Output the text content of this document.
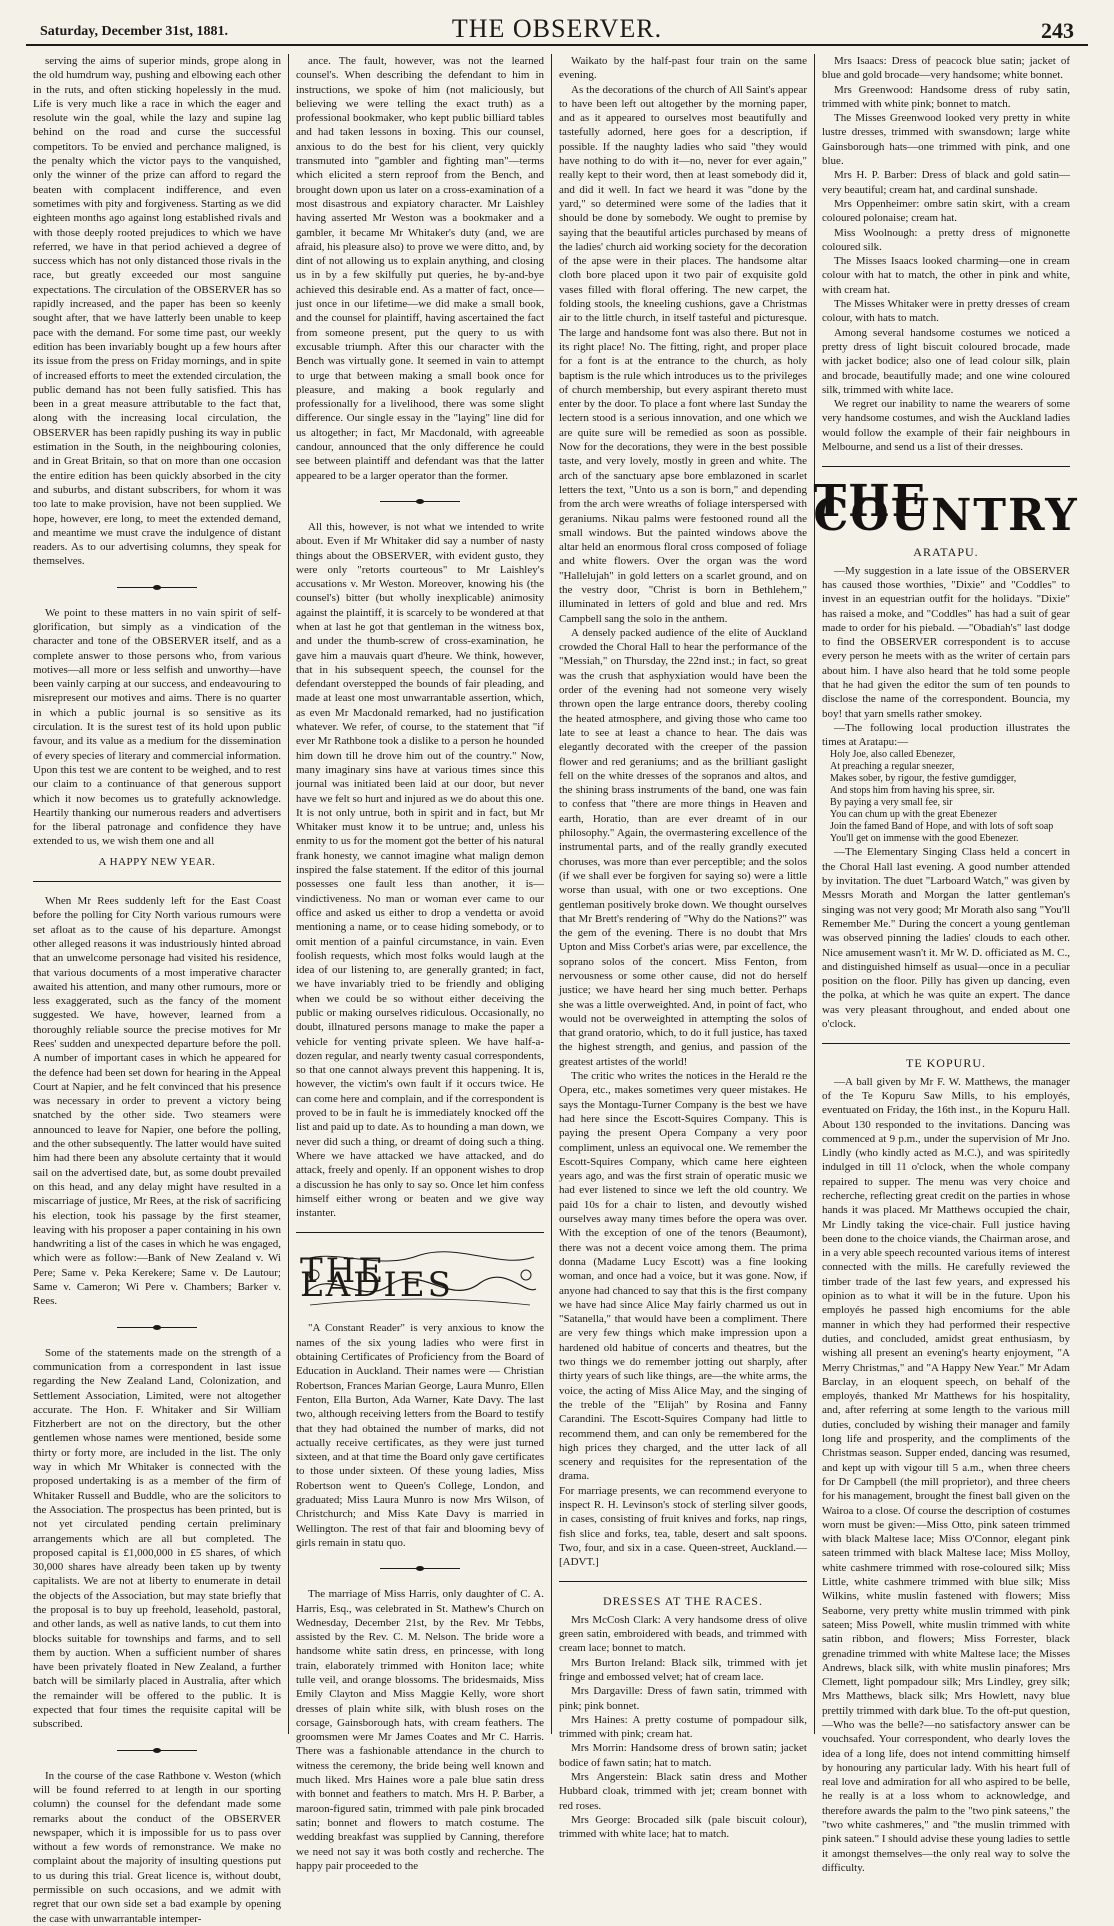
Saturday, December 31st, 1881.	THE OBSERVER.	243

serving the aims of superior minds, grope along in the old humdrum way, pushing and elbowing each other in the ruts, and often sticking hopelessly in the mud. Life is very much like a race in which the eager and resolute win the goal, while the lazy and supine lag behind on the road and curse the successful competitors. To be envied and perchance maligned, is the penalty which the victor pays to the vanquished, only the winner of the prize can afford to regard the beaten with complacent indifference, and even sometimes with pity and forgiveness. Starting as we did eighteen months ago against long established rivals and with those deeply rooted prejudices to which we have referred, we have in that period achieved a degree of success which has not only distanced those rivals in the race, but greatly exceeded our most sanguine expectations. The circulation of the OBSERVER has so rapidly increased, and the paper has been so keenly sought after, that we have latterly been unable to keep pace with the demand. For some time past, our weekly edition has been invariably bought up a few hours after its issue from the press on Friday mornings, and in spite of increased efforts to meet the extended circulation, the public demand has not been fully satisfied. This has been in a great measure attributable to the fact that, along with the increasing local circulation, the OBSERVER has been rapidly pushing its way in public estimation in the South, in the neighbouring colonies, and in Great Britain, so that on more than one occasion the entire edition has been quickly absorbed in the city and suburbs, and distant subscribers, for whom it was too late to make provision, have not been supplied. We hope, however, ere long, to meet the extended demand, and meantime we must crave the indulgence of distant readers. As to our advertising columns, they speak for themselves.

We point to these matters in no vain spirit of self-glorification, but simply as a vindication of the character and tone of the OBSERVER itself, and as a complete answer to those persons who, from various motives—all more or less selfish and unworthy—have been vainly carping at our success, and endeavouring to misrepresent our motives and aims. There is no quarter in which a public journal is so sensitive as its circulation. It is the surest test of its hold upon public favour, and its value as a medium for the dissemination of every species of literary and commercial information. Upon this test we are content to be weighed, and to rest our claim to a continuance of that generous support which it now becomes us to gratefully acknowledge. Heartily thanking our numerous readers and advertisers for the liberal patronage and confidence they have extended to us, we wish them one and all

A HAPPY NEW YEAR.

When Mr Rees suddenly left for the East Coast before the polling for City North various rumours were set afloat as to the cause of his departure. Amongst other alleged reasons it was industriously hinted abroad that an unwelcome personage had visited his residence, that various documents of a most imperative character awaited his attention, and many other rumours, more or less exaggerated, such as the fancy of the moment suggested. We have, however, learned from a thoroughly reliable source the precise motives for Mr Rees' sudden and unexpected departure before the poll. A number of important cases in which he appeared for the defence had been set down for hearing in the Appeal Court at Napier, and he felt convinced that his presence was necessary in order to prevent a victory being snatched by the other side. Two steamers were announced to leave for Napier, one before the polling, and the other subsequently. The latter would have suited him had there been any absolute certainty that it would sail on the advertised date, but, as some doubt prevailed on this head, and any delay might have resulted in a miscarriage of justice, Mr Rees, at the risk of sacrificing his election, took his passage by the first steamer, leaving with his proposer a paper containing in his own handwriting a list of the cases in which he was engaged, which were as follow:—Bank of New Zealand v. Wi Pere; Same v. Peka Kerekere; Same v. De Lautour; Same v. Cameron; Wi Pere v. Chambers; Barker v. Rees.

Some of the statements made on the strength of a communication from a correspondent in last issue regarding the New Zealand Land, Colonization, and Settlement Association, Limited, were not altogether accurate. The Hon. F. Whitaker and Sir William Fitzherbert are not on the directory, but the other gentlemen whose names were mentioned, beside some thirty or forty more, are included in the list. The only way in which Mr Whitaker is connected with the proposed undertaking is as a member of the firm of Whitaker Russell and Buddle, who are the solicitors to the Association. The prospectus has been printed, but is not yet circulated pending certain preliminary arrangements which are all but completed. The proposed capital is £1,000,000 in £5 shares, of which 30,000 shares have already been taken up by twenty capitalists. We are not at liberty to enumerate in detail the objects of the Association, but may state briefly that the proposal is to buy up freehold, leasehold, pastoral, and other lands, as well as native lands, to cut them into blocks suitable for townships and farms, and to sell them by auction. When a sufficient number of shares have been privately floated in New Zealand, a further batch will be similarly placed in Australia, after which the remainder will be offered to the public. It is expected that four times the requisite capital will be subscribed.

In the course of the case Rathbone v. Weston (which will be found referred to at length in our sporting column) the counsel for the defendant made some remarks about the conduct of the OBSERVER newspaper, which it is impossible for us to pass over without a few words of remonstrance. We make no complaint about the majority of insulting questions put to us during this trial. Great licence is, without doubt, permissible on such occasions, and we admit with regret that our own side set a bad example by opening the case with unwarrantable intemper-

ance. The fault, however, was not the learned counsel's. When describing the defendant to him in instructions, we spoke of him (not maliciously, but believing we were telling the exact truth) as a professional bookmaker, who kept public billiard tables and had taken lessons in boxing. This our counsel, anxious to do the best for his client, very quickly transmuted into "gambler and fighting man"—terms which elicited a stern reproof from the Bench, and brought down upon us later on a cross-examination of a most disastrous and expiatory character. Mr Laishley having asserted Mr Weston was a bookmaker and a gambler, it became Mr Whitaker's duty (and, we are afraid, his pleasure also) to prove we were ditto, and, by dint of not allowing us to explain anything, and closing us in by a few skilfully put queries, he by-and-bye achieved this desirable end. As a matter of fact, once—just once in our lifetime—we did make a small book, and the counsel for plaintiff, having ascertained the fact from someone present, put the query to us with excusable triumph. After this our character with the Bench was virtually gone. It seemed in vain to attempt to urge that between making a small book once for pleasure, and making a book regularly and professionally for a livelihood, there was some slight difference. Our single essay in the "laying" line did for us altogether; in fact, Mr Macdonald, with agreeable candour, announced that the only difference he could see between plaintiff and defendant was that the latter appeared to be a larger operator than the former.

All this, however, is not what we intended to write about. Even if Mr Whitaker did say a number of nasty things about the OBSERVER, with evident gusto, they were only "retorts courteous" to Mr Laishley's accusations v. Mr Weston. Moreover, knowing his (the counsel's) bitter (but wholly inexplicable) animosity against the plaintiff, it is scarcely to be wondered at that when at last he got that gentleman in the witness box, and under the thumb-screw of cross-examination, he gave him a mauvais quart d'heure. We think, however, that in his subsequent speech, the counsel for the defendant overstepped the bounds of fair pleading, and made at least one most unwarrantable assertion, which, as even Mr Macdonald remarked, had no justification whatever. We refer, of course, to the statement that "if ever Mr Rathbone took a dislike to a person he hounded him down till he drove him out of the country." Now, many imaginary sins have at various times since this journal was initiated been laid at our door, but never have we felt so hurt and injured as we do about this one. It is not only untrue, both in spirit and in fact, but Mr Whitaker must know it to be untrue; and, unless his enmity to us for the moment got the better of his natural frank honesty, we cannot imagine what malign demon inspired the false statement. If the editor of this journal possesses one fault less than another, it is—vindictiveness. No man or woman ever came to our office and asked us either to drop a vendetta or avoid mentioning a name, or to cease hiding somebody, or to omit mention of a painful circumstance, in vain. Even foolish requests, which most folks would laugh at the idea of our listening to, are generally granted; in fact, we have invariably tried to be friendly and obliging when we could be so without either deceiving the public or making ourselves ridiculous. Occasionally, no doubt, illnatured persons manage to make the paper a vehicle for venting private spleen. We have half-a-dozen regular, and nearly twenty casual correspondents, so that one cannot always prevent this happening. It is, however, the victim's own fault if it occurs twice. He can come here and complain, and if the correspondent is proved to be in fault he is immediately knocked off the list and paid up to date. As to hounding a man down, we never did such a thing, or dreamt of doing such a thing. Where we have attacked we have attacked, and do attack, freely and openly. If an opponent wishes to drop a discussion he has only to say so. Once let him confess himself either wrong or beaten and we give way instanter.

THE LADIES

"A Constant Reader" is very anxious to know the names of the six young ladies who were first in obtaining Certificates of Proficiency from the Board of Education in Auckland. Their names were — Christian Robertson, Frances Marian George, Laura Munro, Ellen Fenton, Ella Burton, Ada Warner, Kate Davy. The last two, although receiving letters from the Board to testify that they had obtained the number of marks, did not actually receive certificates, as they were just turned sixteen, and at that time the Board only gave certificates to those under sixteen. Of these young ladies, Miss Robertson went to Queen's College, London, and graduated; Miss Laura Munro is now Mrs Wilson, of Christchurch; and Miss Kate Davy is married in Wellington. The rest of that fair and blooming bevy of girls remain in statu quo.

The marriage of Miss Harris, only daughter of C. A. Harris, Esq., was celebrated in St. Mathew's Church on Wednesday, December 21st, by the Rev. Mr Tebbs, assisted by the Rev. C. M. Nelson. The bride wore a handsome white satin dress, en princesse, with long train, elaborately trimmed with Honiton lace; white tulle veil, and orange blossoms. The bridesmaids, Miss Emily Clayton and Miss Maggie Kelly, wore short dresses of plain white silk, with blush roses on the corsage, Gainsborough hats, with cream feathers. The groomsmen were Mr James Coates and Mr C. Harris. There was a fashionable attendance in the church to witness the ceremony, the bride being well known and much liked. Mrs Haines wore a pale blue satin dress with bonnet and feathers to match. Mrs H. P. Barber, a maroon-figured satin, trimmed with pale pink brocaded satin; bonnet and flowers to match costume. The wedding breakfast was supplied by Canning, therefore we need not say it was both costly and recherche. The happy pair proceeded to the

Waikato by the half-past four train on the same evening.

As the decorations of the church of All Saint's appear to have been left out altogether by the morning paper, and as it appeared to ourselves most beautifully and tastefully adorned, here goes for a description, if possible. If the naughty ladies who said "they would have nothing to do with it—no, never for ever again," really kept to their word, then at least somebody did it, and did it well. In fact we heard it was "done by the yard," so determined were some of the ladies that it should be done by somebody. We ought to premise by saying that the beautiful articles purchased by means of the ladies' church aid working society for the decoration of the apse were in their places. The handsome altar cloth bore placed upon it two pair of exquisite gold vases filled with floral offering. The new carpet, the folding stools, the kneeling cushions, gave a Christmas air to the little church, in itself tasteful and picturesque. The large and handsome font was also there. But not in its right place! No. The fitting, right, and proper place for a font is at the entrance to the church, as holy baptism is the rule which introduces us to the privileges of church membership, but every aspirant thereto must enter by the door. To place a font where last Sunday the lectern stood is a serious innovation, and one which we are quite sure will be remedied as soon as possible. Now for the decorations, they were in the best possible taste, and very lovely, mostly in green and white. The arch of the sanctuary apse bore emblazoned in scarlet letters the text, "Unto us a son is born," and depending from the arch were wreaths of foliage interspersed with geraniums. Nikau palms were festooned round all the small windows. But the painted windows above the altar held an enormous floral cross composed of foliage and white flowers. Over the organ was the word "Hallelujah" in gold letters on a scarlet ground, and on the vestry door, "Christ is born in Bethlehem," illuminated in letters of gold and blue and red. Mrs Campbell sang the solo in the anthem.

A densely packed audience of the elite of Auckland crowded the Choral Hall to hear the performance of the "Messiah," on Thursday, the 22nd inst.; in fact, so great was the crush that asphyxiation would have been the order of the evening had not someone very wisely thrown open the large entrance doors, thereby cooling the heated atmosphere, and giving those who came too late to see at least a chance to hear. The dais was elegantly decorated with the creeper of the passion flower and red geraniums; and as the brilliant gaslight fell on the white dresses of the sopranos and altos, and the shining brass instruments of the band, one was fain to confess that "there are more things in Heaven and earth, Horatio, than are ever dreamt of in our philosophy." Again, the overmastering excellence of the instrumental parts, and of the really grandly executed choruses, was more than ever perceptible; and the solos (if we shall ever be forgiven for saying so) were a little worse than usual, with one or two exceptions. One gentleman positively broke down. We thought ourselves that Mr Brett's rendering of "Why do the Nations?" was the gem of the evening. There is no doubt that Mrs Upton and Miss Corbet's arias were, par excellence, the soprano solos of the concert. Miss Fenton, from nervousness or some other cause, did not do herself justice; we have heard her sing much better. Perhaps she was a little overweighted. And, in point of fact, who would not be overweighted in attempting the solos of that grand oratorio, which, to do it full justice, has taxed the highest strength, and genius, and passion of the greatest artistes of the world!

The critic who writes the notices in the Herald re the Opera, etc., makes sometimes very queer mistakes. He says the Montagu-Turner Company is the best we have had here since the Escott-Squires Company. This is paying the present Opera Company a very poor compliment, unless an equivocal one. We remember the Escott-Squires Company, which came here eighteen years ago, and was the first strain of operatic music we had ever listened to since we left the old country. We paid 10s for a chair to listen, and devoutly wished ourselves away many times before the opera was over. With the exception of one of the tenors (Beaumont), there was not a decent voice among them. The prima donna (Madame Lucy Escott) was a fine looking woman, and once had a voice, but it was gone. Now, if anyone had chanced to say that this is the first company we have had since Alice May fairly charmed us out in "Satanella," that would have been a compliment. There are very few things which make impression upon a hardened old habitue of concerts and theatres, but the two things we do remember jotting out sharply, after thirty years of such like things, are—the white arms, the voice, the acting of Miss Alice May, and the singing of the treble of the "Elijah" by Rosina and Fanny Carandini. The Escott-Squires Company had little to recommend them, and can only be remembered for the high prices they charged, and the utter lack of all scenery and requisites for the representation of the drama.

For marriage presents, we can recommend everyone to inspect R. H. Levinson's stock of sterling silver goods, in cases, consisting of fruit knives and forks, nap rings, fish slice and forks, tea, table, desert and salt spoons. Two, four, and six in a case. Queen-street, Auckland.—[ADVT.]

DRESSES AT THE RACES.

Mrs McCosh Clark: A very handsome dress of olive green satin, embroidered with beads, and trimmed with cream lace; bonnet to match.

Mrs Burton Ireland: Black silk, trimmed with jet fringe and embossed velvet; hat of cream lace.

Mrs Dargaville: Dress of fawn satin, trimmed with pink; pink bonnet.

Mrs Haines: A pretty costume of pompadour silk, trimmed with pink; cream hat.

Mrs Morrin: Handsome dress of brown satin; jacket bodice of fawn satin; hat to match.

Mrs Angerstein: Black satin dress and Mother Hubbard cloak, trimmed with jet; cream bonnet with red roses.

Mrs George: Brocaded silk (pale biscuit colour), trimmed with white lace; hat to match.

Mrs Isaacs: Dress of peacock blue satin; jacket of blue and gold brocade—very handsome; white bonnet.

Mrs Greenwood: Handsome dress of ruby satin, trimmed with white pink; bonnet to match.

The Misses Greenwood looked very pretty in white lustre dresses, trimmed with swansdown; large white Gainsborough hats—one trimmed with pink, and one blue.

Mrs H. P. Barber: Dress of black and gold satin—very beautiful; cream hat, and cardinal sunshade.

Mrs Oppenheimer: ombre satin skirt, with a cream coloured polonaise; cream hat.

Miss Woolnough: a pretty dress of mignonette coloured silk.

The Misses Isaacs looked charming—one in cream colour with hat to match, the other in pink and white, with cream hat.

The Misses Whitaker were in pretty dresses of cream colour, with hats to match.

Among several handsome costumes we noticed a pretty dress of light biscuit coloured brocade, made with jacket bodice; also one of lead colour silk, plain and brocade, beautifully made; and one wine coloured silk, trimmed with white lace.

We regret our inability to name the wearers of some very handsome costumes, and wish the Auckland ladies would follow the example of their fair neighbours in Melbourne, and send us a list of their dresses.

THE COUNTRY

ARATAPU.

—My suggestion in a late issue of the OBSERVER has caused those worthies, "Dixie" and "Coddles" to invest in an equestrian outfit for the holidays. "Dixie" has raised a moke, and "Coddles" has had a suit of gear made to order for his piebald. —"Obadiah's" last dodge to find the OBSERVER correspondent is to accuse every person he meets with as the writer of certain pars about him. I have also heard that he told some people that he had given the editor the sum of ten pounds to disclose the name of the correspondent. Bouncia, my boy! that yarn smells rather smokey.

—The following local production illustrates the times at Aratapu:—

Holy Joe, also called Ebenezer,

At preaching a regular sneezer,

Makes sober, by rigour, the festive gumdigger,

And stops him from having his spree, sir.

By paying a very small fee, sir

You can chum up with the great Ebenezer

Join the famed Band of Hope, and with lots of soft soap

You'll get on immense with the good Ebenezer.

—The Elementary Singing Class held a concert in the Choral Hall last evening. A good number attended by invitation. The duet "Larboard Watch," was given by Messrs Morath and Morgan the latter gentleman's singing was not very good; Mr Morath also sang "You'll Remember Me." During the concert a young gentleman was observed pinning the ladies' clouds to each other. Nice amusement wasn't it. Mr W. D. officiated as M. C., and distinguished himself as usual—once in a peculiar position on the floor. Pilly has given up dancing, even the polka, at which he was quite an expert. The dance was very pleasant throughout, and ended about one o'clock.

TE KOPURU.

—A ball given by Mr F. W. Matthews, the manager of the Te Kopuru Saw Mills, to his employés, eventuated on Friday, the 16th inst., in the Kopuru Hall. About 130 responded to the invitations. Dancing was commenced at 9 p.m., under the supervision of Mr Jno. Lindly (who kindly acted as M.C.), and was spiritedly indulged in till 11 o'clock, when the whole company repaired to supper. The menu was very choice and recherche, reflecting great credit on the parties in whose hands it was placed. Mr Matthews occupied the chair, Mr Lindly taking the vice-chair. Full justice having been done to the choice viands, the Chairman arose, and in a very able speech recounted various items of interest connected with the mills. He carefully reviewed the timber trade of the last few years, and expressed his opinion as to what it will be in the future. Upon his employés he passed high encomiums for the able manner in which they had performed their respective duties, and concluded, amidst great enthusiasm, by wishing all present an evening's hearty enjoyment, "A Merry Christmas," and "A Happy New Year." Mr Adam Barclay, in an eloquent speech, on behalf of the employés, thanked Mr Matthews for his hospitality, and, after referring at some length to the various mill duties, concluded by wishing their manager and family long life and prosperity, and the compliments of the Christmas season. Supper ended, dancing was resumed, and kept up with vigour till 5 a.m., when three cheers for Dr Campbell (the mill proprietor), and three cheers for his management, brought the finest ball given on the Wairoa to a close. Of course the description of costumes worn must be given:—Miss Otto, pink sateen trimmed with black Maltese lace; Miss O'Connor, elegant pink sateen trimmed with black Maltese lace; Miss Molloy, white cashmere trimmed with rose-coloured silk; Miss Little, white cashmere trimmed with blue silk; Miss Wilkins, white muslin fastened with flowers; Miss Seaborne, very pretty white muslin trimmed with pink sateen; Miss Powell, white muslin trimmed with white satin ribbon, and flowers; Miss Forrester, black grenadine trimmed with white Maltese lace; the Misses Andrews, black silk, with white muslin pinafores; Mrs Clemett, light pompadour silk; Mrs Lindley, grey silk; Mrs Matthews, black silk; Mrs Howlett, navy blue prettily trimmed with dark blue. To the oft-put question,—Who was the belle?—no satisfactory answer can be vouchsafed. Your correspondent, who dearly loves the idea of a long life, does not intend committing himself by honouring any particular lady. With his heart full of real love and admiration for all who aspired to be belle, he really is at a loss whom to acknowledge, and therefore awards the palm to the "two pink sateens," the "two white cashmeres," and "the muslin trimmed with pink sateen." I should advise these young ladies to settle it amongst themselves—the only real way to solve the difficulty.
